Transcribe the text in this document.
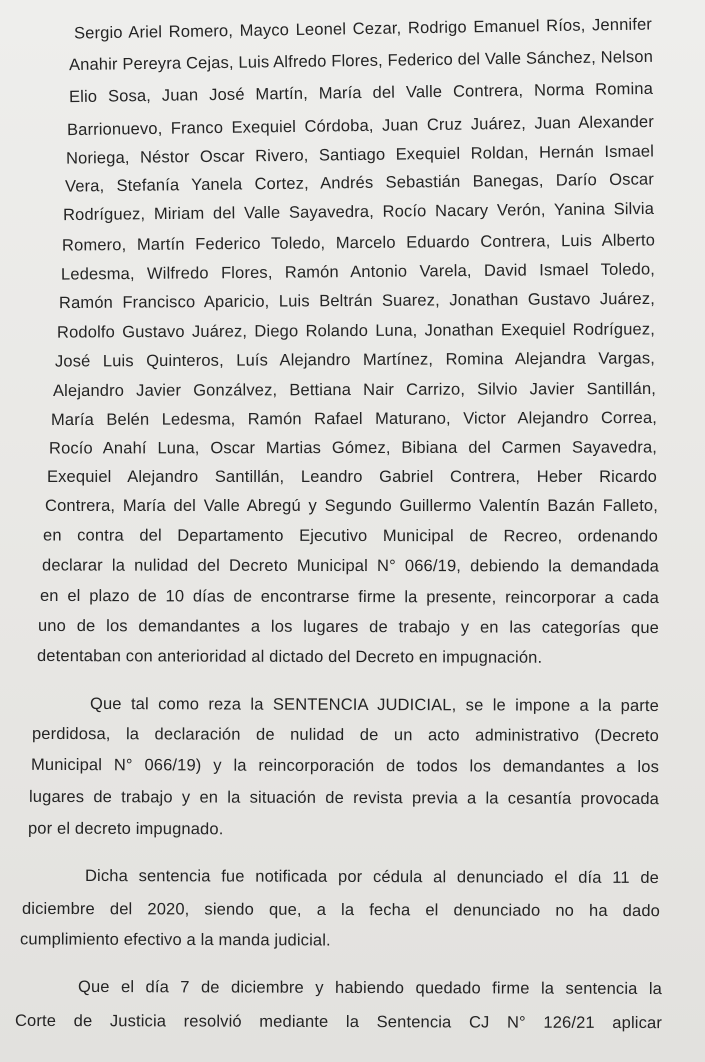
Sergio Ariel Romero, Mayco Leonel Cezar, Rodrigo Emanuel Ríos, Jennifer
Anahir Pereyra Cejas, Luis Alfredo Flores, Federico del Valle Sánchez, Nelson
Elio Sosa, Juan José Martín, María del Valle Contrera, Norma Romina
Barrionuevo, Franco Exequiel Córdoba, Juan Cruz Juárez, Juan Alexander
Noriega, Néstor Oscar Rivero, Santiago Exequiel Roldan, Hernán Ismael
Vera, Stefanía Yanela Cortez, Andrés Sebastián Banegas, Darío Oscar
Rodríguez, Miriam del Valle Sayavedra, Rocío Nacary Verón, Yanina Silvia
Romero, Martín Federico Toledo, Marcelo Eduardo Contrera, Luis Alberto
Ledesma, Wilfredo Flores, Ramón Antonio Varela, David Ismael Toledo,
Ramón Francisco Aparicio, Luis Beltrán Suarez, Jonathan Gustavo Juárez,
Rodolfo Gustavo Juárez, Diego Rolando Luna, Jonathan Exequiel Rodríguez,
José Luis Quinteros, Luís Alejandro Martínez, Romina Alejandra Vargas,
Alejandro Javier Gonzálvez, Bettiana Nair Carrizo, Silvio Javier Santillán,
María Belén Ledesma, Ramón Rafael Maturano, Victor Alejandro Correa,
Rocío Anahí Luna, Oscar Martias Gómez, Bibiana del Carmen Sayavedra,
Exequiel Alejandro Santillán, Leandro Gabriel Contrera, Heber Ricardo
Contrera, María del Valle Abregú y Segundo Guillermo Valentín Bazán Falleto,
en contra del Departamento Ejecutivo Municipal de Recreo, ordenando
declarar la nulidad del Decreto Municipal N° 066/19, debiendo la demandada
en el plazo de 10 días de encontrarse firme la presente, reincorporar a cada
uno de los demandantes a los lugares de trabajo y en las categorías que
detentaban con anterioridad al dictado del Decreto en impugnación.
Que tal como reza la SENTENCIA JUDICIAL, se le impone a la parte
perdidosa, la declaración de nulidad de un acto administrativo (Decreto
Municipal N° 066/19) y la reincorporación de todos los demandantes a los
lugares de trabajo y en la situación de revista previa a la cesantía provocada
por el decreto impugnado.
Dicha sentencia fue notificada por cédula al denunciado el día 11 de
diciembre del 2020, siendo que, a la fecha el denunciado no ha dado
cumplimiento efectivo a la manda judicial.
Que el día 7 de diciembre y habiendo quedado firme la sentencia la
Corte de Justicia resolvió mediante la Sentencia CJ N° 126/21 aplicar
